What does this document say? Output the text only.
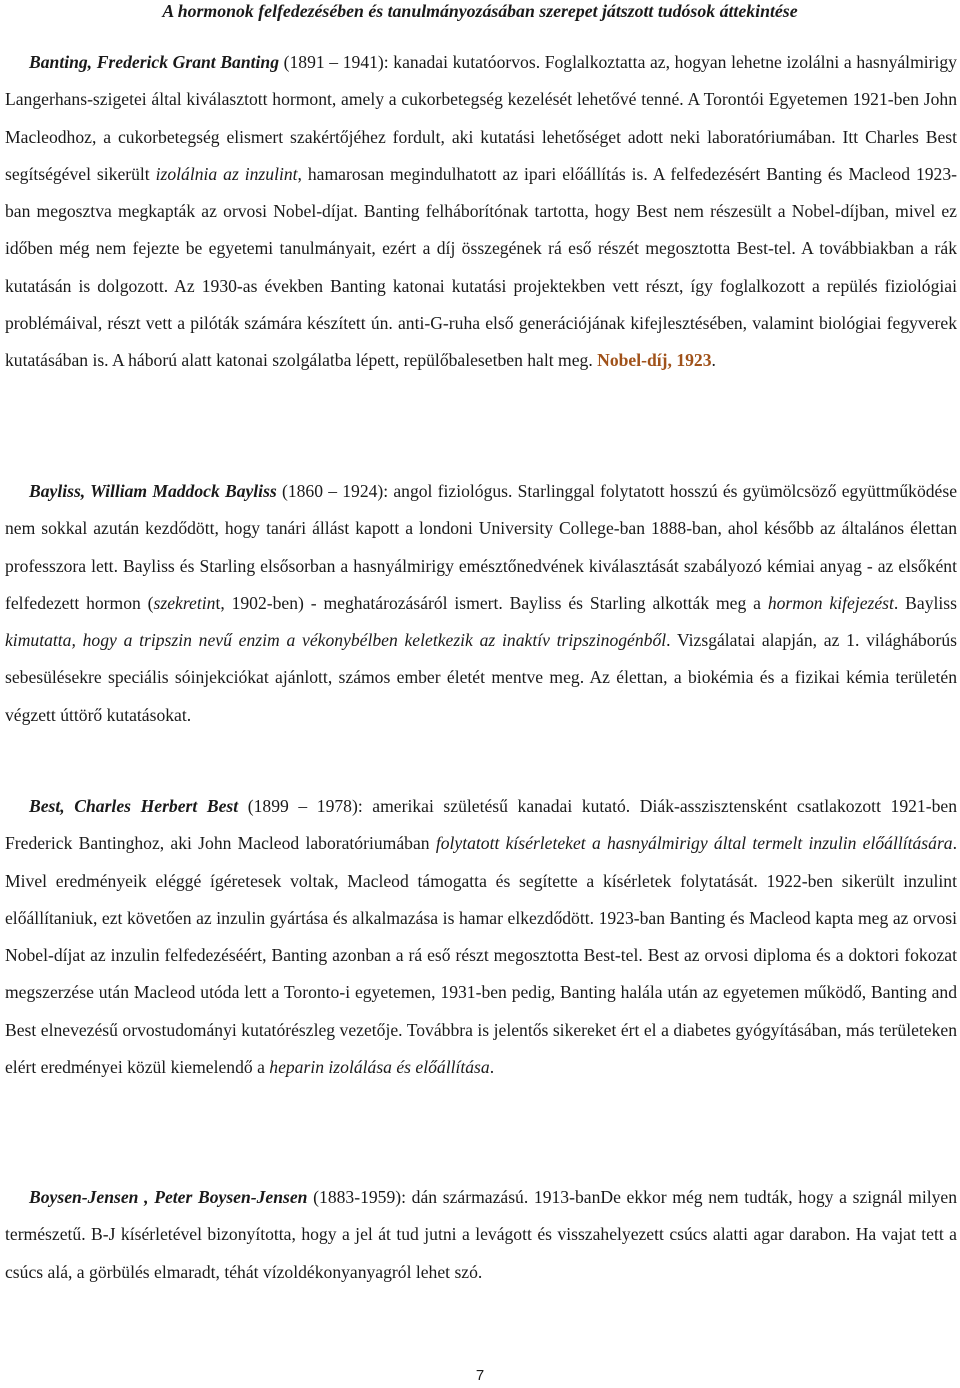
A hormonok felfedezésében és tanulmányozásában szerepet játszott tudósok áttekintése

Banting, Frederick Grant Banting (1891 – 1941): kanadai kutatóorvos. Foglalkoztatta az, hogyan lehetne izolálni a hasnyálmirigy Langerhans-szigetei által kiválasztott hormont, amely a cukorbetegség kezelését lehetővé tenné. A Torontói Egyetemen 1921-ben John Macleodhoz, a cukorbetegség elismert szakértőjéhez fordult, aki kutatási lehetőséget adott neki laboratóriumában. Itt Charles Best segítségével sikerült izolálnia az inzulint, hamarosan megindulhatott az ipari előállítás is. A felfedezésért Banting és Macleod 1923-ban megosztva megkapták az orvosi Nobel-díjat. Banting felháborítónak tartotta, hogy Best nem részesült a Nobel-díjban, mivel ez időben még nem fejezte be egyetemi tanulmányait, ezért a díj összegének rá eső részét megosztotta Best-tel. A továbbiakban a rák kutatásán is dolgozott. Az 1930-as években Banting katonai kutatási projektekben vett részt, így foglalkozott a repülés fiziológiai problémáival, részt vett a pilóták számára készített ún. anti-G-ruha első generációjának kifejlesztésében, valamint biológiai fegyverek kutatásában is. A háború alatt katonai szolgálatba lépett, repülőbalesetben halt meg. Nobel-díj, 1923.

Bayliss, William Maddock Bayliss (1860 – 1924): angol fiziológus. Starlinggal folytatott hosszú és gyümölcsöző együttműködése nem sokkal azután kezdődött, hogy tanári állást kapott a londoni University College-ban 1888-ban, ahol később az általános élettan professzora lett. Bayliss és Starling elsősorban a hasnyálmirigy emésztőnedvének kiválasztását szabályozó kémiai anyag - az elsőként felfedezett hormon (szekretint, 1902-ben) - meghatározásáról ismert. Bayliss és Starling alkották meg a hormon kifejezést. Bayliss kimutatta, hogy a tripszin nevű enzim a vékonybélben keletkezik az inaktív tripszinogénből. Vizsgálatai alapján, az 1. világháborús sebesülésekre speciális sóinjekciókat ajánlott, számos ember életét mentve meg. Az élettan, a biokémia és a fizikai kémia területén végzett úttörő kutatásokat.

Best, Charles Herbert Best (1899 – 1978): amerikai születésű kanadai kutató. Diák-asszisztensként csatlakozott 1921-ben Frederick Bantinghoz, aki John Macleod laboratóriumában folytatott kísérleteket a hasnyálmirigy által termelt inzulin előállítására. Mivel eredményeik eléggé ígéretesek voltak, Macleod támogatta és segítette a kísérletek folytatását. 1922-ben sikerült inzulint előállítaniuk, ezt követően az inzulin gyártása és alkalmazása is hamar elkezdődött. 1923-ban Banting és Macleod kapta meg az orvosi Nobel-díjat az inzulin felfedezéséért, Banting azonban a rá eső részt megosztotta Best-tel. Best az orvosi diploma és a doktori fokozat megszerzése után Macleod utóda lett a Toronto-i egyetemen, 1931-ben pedig, Banting halála után az egyetemen működő, Banting and Best elnevezésű orvostudományi kutatórészleg vezetője. Továbbra is jelentős sikereket ért el a diabetes gyógyításában, más területeken elért eredményei közül kiemelendő a heparin izolálása és előállítása.

Boysen-Jensen , Peter Boysen-Jensen (1883-1959): dán származású. 1913-banDe ekkor még nem tudták, hogy a szignál milyen természetű. B-J kísérletével bizonyította, hogy a jel át tud jutni a levágott és visszahelyezett csúcs alatti agar darabon. Ha vajat tett a csúcs alá, a görbülés elmaradt, téhát vízoldékonyanyagról lehet szó.

7
